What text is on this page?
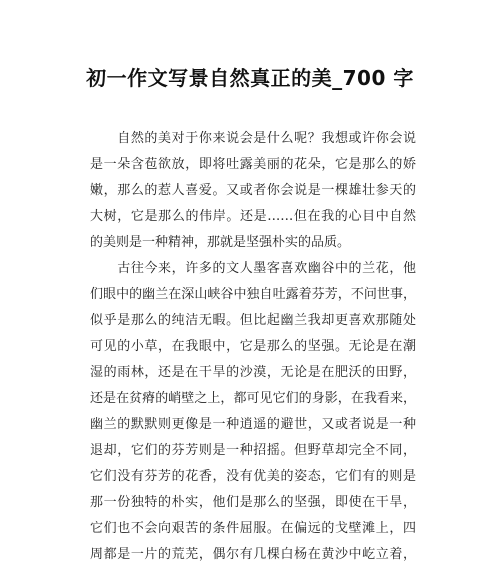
初一作文写景自然真正的美_700 字

　　自然的美对于你来说会是什么呢？我想或许你会说
是一朵含苞欲放，即将吐露美丽的花朵，它是那么的娇
嫩，那么的惹人喜爱。又或者你会说是一棵雄壮参天的
大树，它是那么的伟岸。还是……但在我的心目中自然
的美则是一种精神，那就是坚强朴实的品质。

　　古往今来，许多的文人墨客喜欢幽谷中的兰花，他
们眼中的幽兰在深山峡谷中独自吐露着芬芳，不问世事，
似乎是那么的纯洁无暇。但比起幽兰我却更喜欢那随处
可见的小草，在我眼中，它是那么的坚强。无论是在潮
湿的雨林，还是在干旱的沙漠，无论是在肥沃的田野，
还是在贫瘠的峭壁之上，都可见它们的身影，在我看来，
幽兰的默默则更像是一种逍遥的避世，又或者说是一种
退却，它们的芬芳则是一种招摇。但野草却完全不同，
它们没有芬芳的花香，没有优美的姿态，它们有的则是
那一份独特的朴实，他们是那么的坚强，即使在干旱，
它们也不会向艰苦的条件屈服。在偏远的戈壁滩上，四
周都是一片的荒芜，偶尔有几棵白杨在黄沙中屹立着，
